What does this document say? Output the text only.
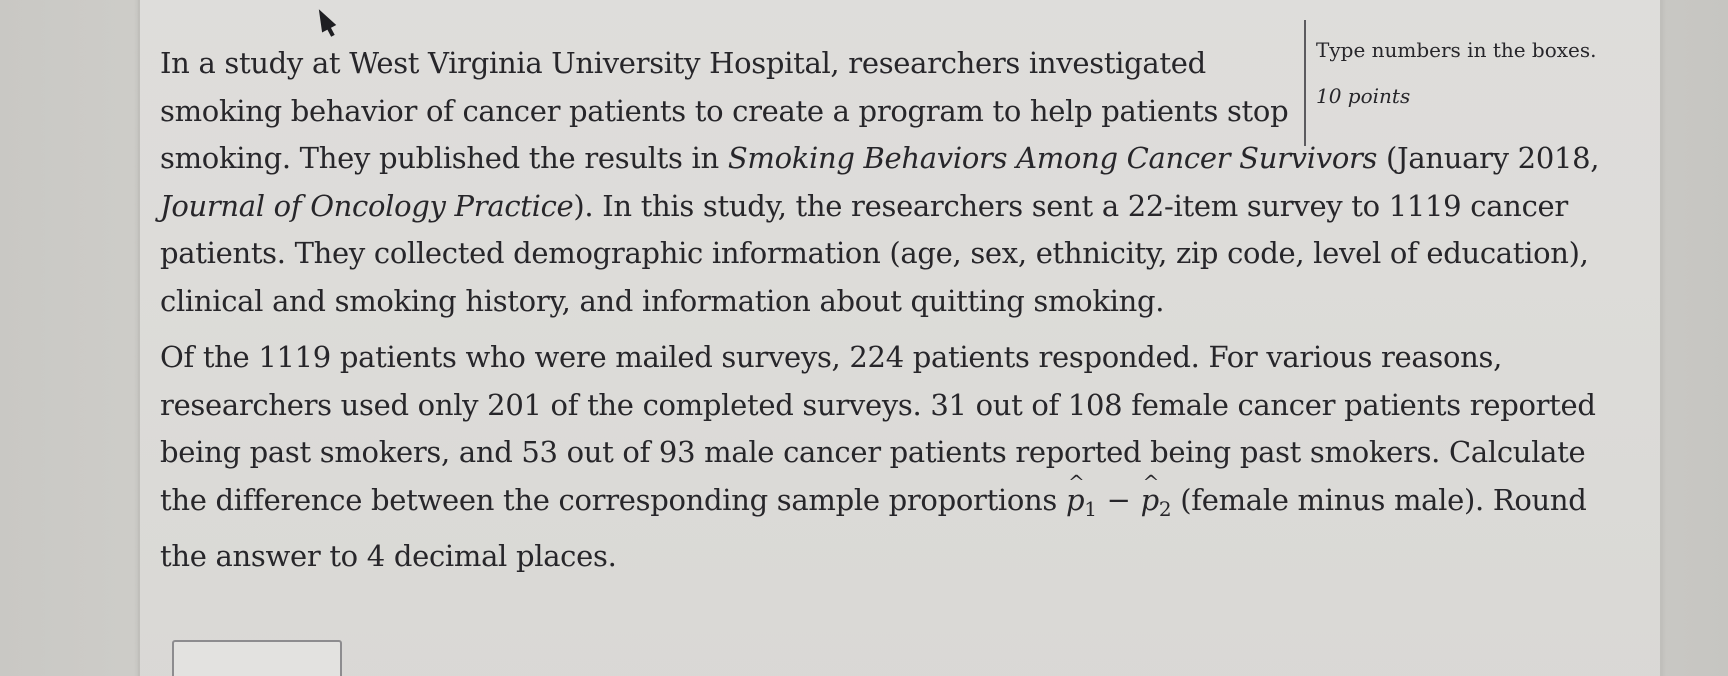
In a study at West Virginia University Hospital, researchers investigated
smoking behavior of cancer patients to create a program to help patients stop
smoking. They published the results in Smoking Behaviors Among Cancer Survivors (January 2018, Journal of Oncology Practice). In this study, the researchers sent a 22-item survey to 1119 cancer patients. They collected demographic information (age, sex, ethnicity, zip code, level of education), clinical and smoking history, and information about quitting smoking.

Of the 1119 patients who were mailed surveys, 224 patients responded. For various reasons, researchers used only 201 of the completed surveys. 31 out of 108 female cancer patients reported being past smokers, and 53 out of 93 male cancer patients reported being past smokers. Calculate the difference between the corresponding sample proportions ^ $p_1$ −^ $p_2$ (female minus male). Round the answer to 4 decimal places.

Type numbers in the boxes.
10 points
